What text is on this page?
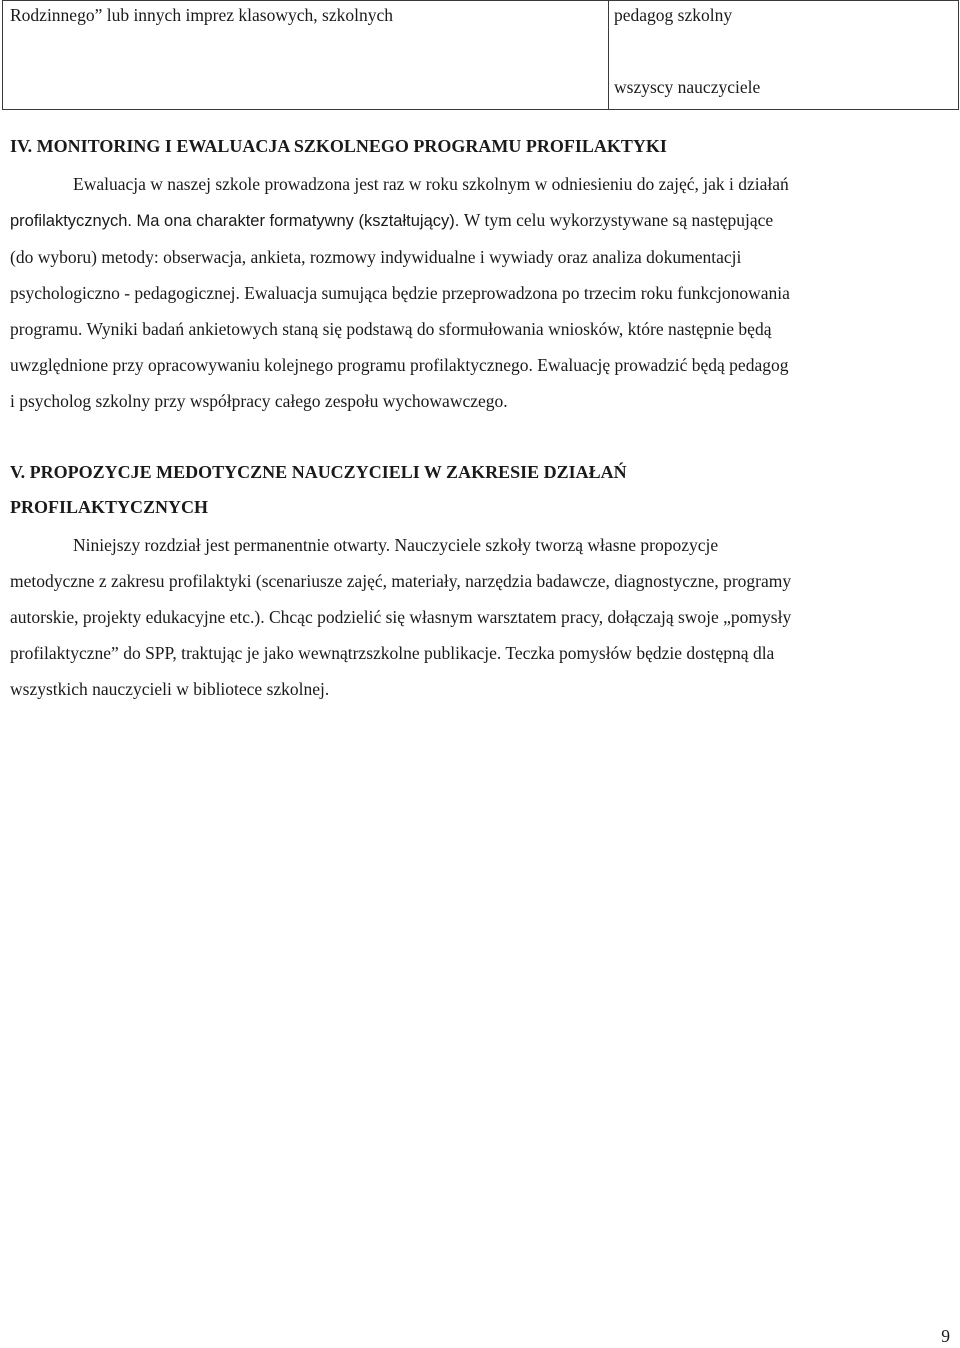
Rodzinnego” lub innych imprez klasowych, szkolnych	pedagog szkolny
wszyscy nauczyciele
IV. MONITORING I EWALUACJA SZKOLNEGO PROGRAMU PROFILAKTYKI
Ewaluacja w naszej szkole prowadzona jest raz w roku szkolnym w odniesieniu do zajęć, jak i działań
profilaktycznych. Ma ona charakter formatywny (kształtujący). W tym celu wykorzystywane są następujące
(do wyboru) metody: obserwacja, ankieta, rozmowy indywidualne i wywiady oraz analiza dokumentacji
psychologiczno - pedagogicznej. Ewaluacja sumująca będzie przeprowadzona po trzecim roku funkcjonowania
programu. Wyniki badań ankietowych staną się podstawą do sformułowania wniosków, które następnie będą
uwzględnione przy opracowywaniu kolejnego programu profilaktycznego. Ewaluację prowadzić będą pedagog
i psycholog szkolny przy współpracy całego zespołu wychowawczego.
V. PROPOZYCJE MEDOTYCZNE NAUCZYCIELI W ZAKRESIE DZIAŁAŃ
PROFILAKTYCZNYCH
Niniejszy rozdział jest permanentnie otwarty. Nauczyciele szkoły tworzą własne propozycje
metodyczne z zakresu profilaktyki (scenariusze zajęć, materiały, narzędzia badawcze, diagnostyczne, programy
autorskie, projekty edukacyjne etc.). Chcąc podzielić się własnym warsztatem pracy, dołączają swoje „pomysły
profilaktyczne” do SPP, traktując je jako wewnątrzszkolne publikacje. Teczka pomysłów będzie dostępną dla
wszystkich nauczycieli w bibliotece szkolnej.
9
